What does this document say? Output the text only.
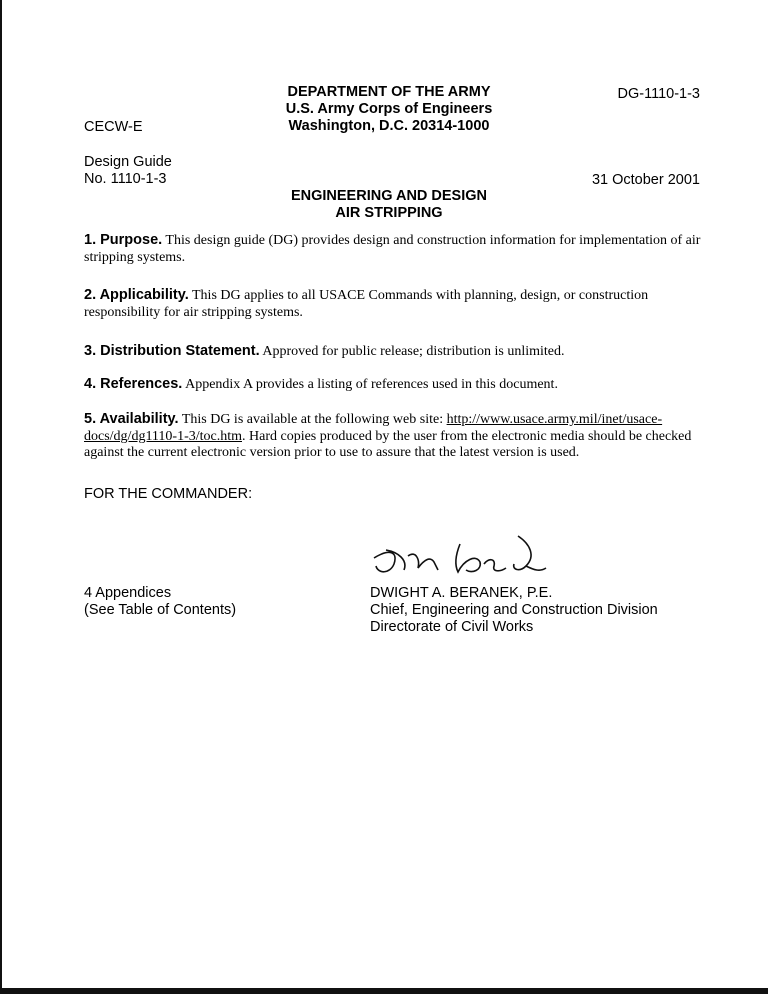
DEPARTMENT OF THE ARMY
U.S. Army Corps of Engineers
Washington, D.C. 20314-1000
DG-1110-1-3
CECW-E
Design Guide
No. 1110-1-3	31 October 2001
ENGINEERING AND DESIGN
AIR STRIPPING
1. Purpose. This design guide (DG) provides design and construction information for implementation of air stripping systems.
2. Applicability. This DG applies to all USACE Commands with planning, design, or construction responsibility for air stripping systems.
3. Distribution Statement. Approved for public release; distribution is unlimited.
4. References. Appendix A provides a listing of references used in this document.
5. Availability. This DG is available at the following web site: http://www.usace.army.mil/inet/usace-docs/dg/dg1110-1-3/toc.htm. Hard copies produced by the user from the electronic media should be checked against the current electronic version prior to use to assure that the latest version is used.
FOR THE COMMANDER:
4 Appendices
(See Table of Contents)
DWIGHT A. BERANEK, P.E.
Chief, Engineering and Construction Division
Directorate of Civil Works
